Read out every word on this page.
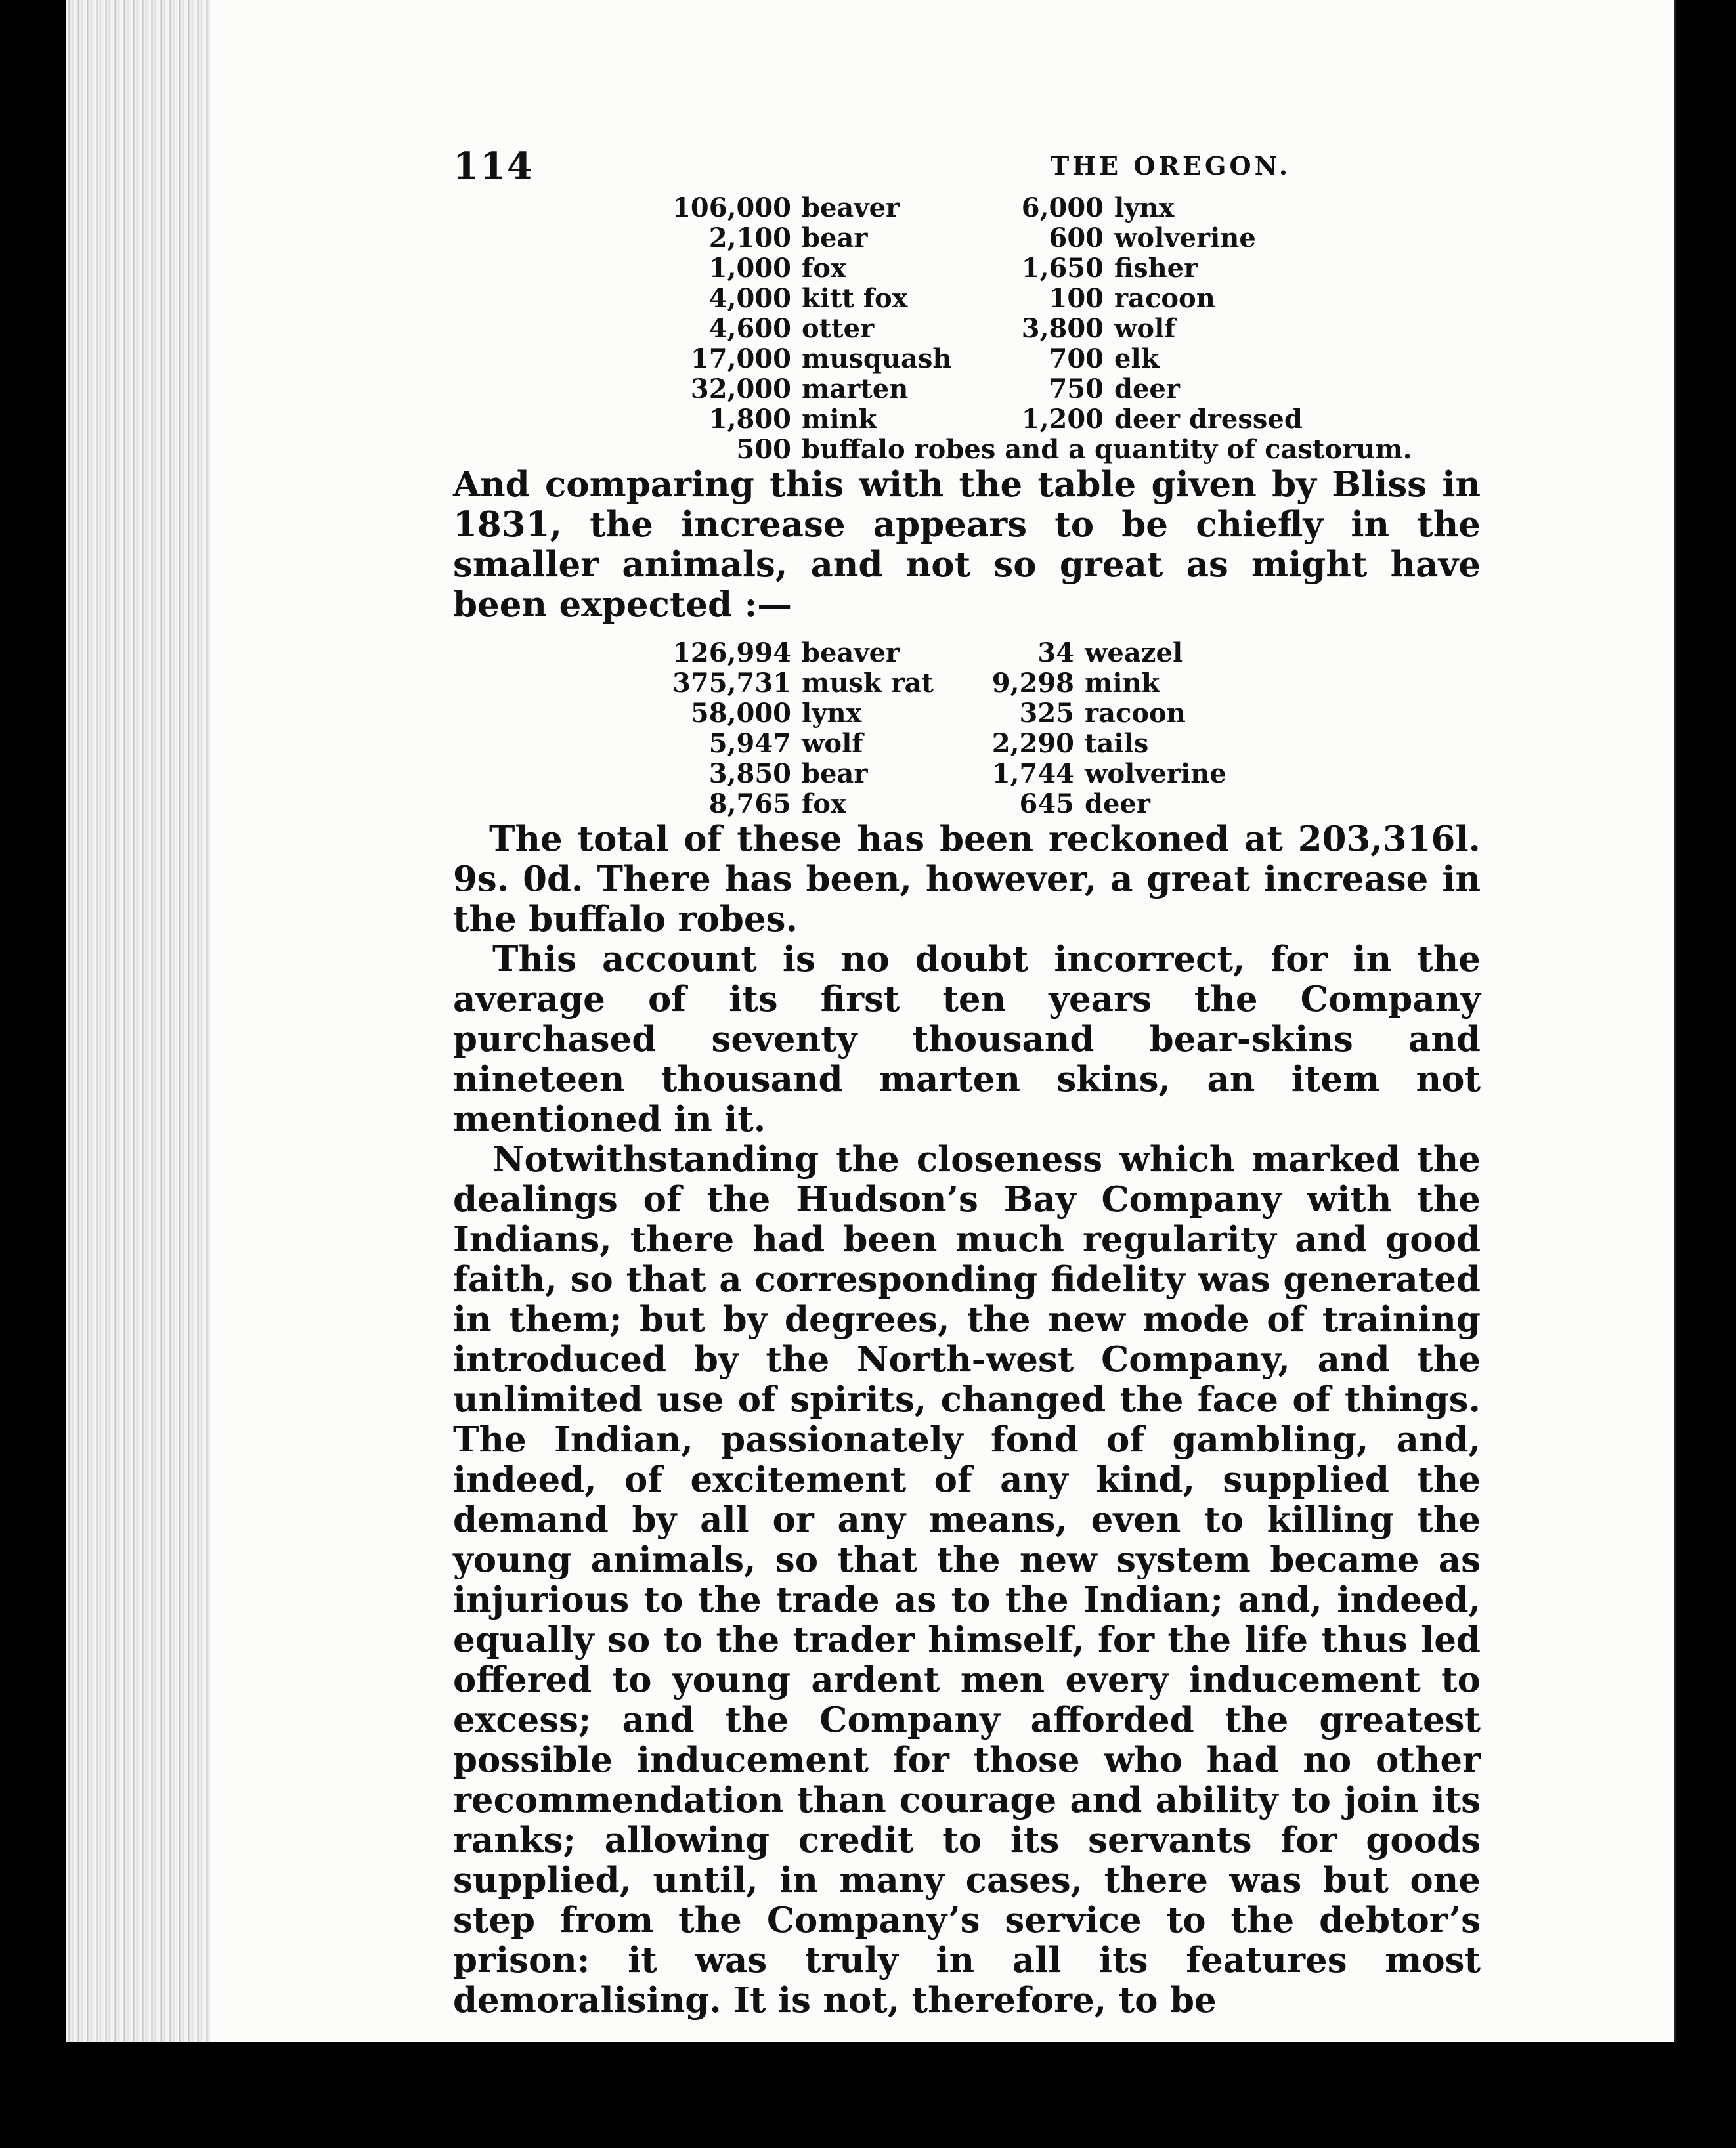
114	THE OREGON.
106,000	beaver	6,000	lynx
2,100	bear	600	wolverine
1,000	fox	1,650	fisher
4,000	kitt fox	100	racoon
4,600	otter	3,800	wolf
17,000	musquash	700	elk
32,000	marten	750	deer
1,800	mink	1,200	deer dressed
500	buffalo robes and a quantity of castorum.		

And comparing this with the table given by Bliss in 1831, the increase appears to be chiefly in the smaller animals, and not so great as might have been expected :—

126,994	beaver	34	weazel
375,731	musk rat	9,298	mink
58,000	lynx	325	racoon
5,947	wolf	2,290	tails
3,850	bear	1,744	wolverine
8,765	fox	645	deer

The total of these has been reckoned at 203,316l. 9s. 0d. There has been, however, a great increase in the buffalo robes.

This account is no doubt incorrect, for in the average of its first ten years the Company purchased seventy thousand bear-skins and nineteen thousand marten skins, an item not mentioned in it.

Notwithstanding the closeness which marked the dealings of the Hudson’s Bay Company with the Indians, there had been much regularity and good faith, so that a corresponding fidelity was generated in them; but by degrees, the new mode of training introduced by the North-west Company, and the unlimited use of spirits, changed the face of things. The Indian, passionately fond of gambling, and, indeed, of excitement of any kind, supplied the demand by all or any means, even to killing the young animals, so that the new system became as injurious to the trade as to the Indian; and, indeed, equally so to the trader himself, for the life thus led offered to young ardent men every inducement to excess; and the Company afforded the greatest possible inducement for those who had no other recommendation than courage and ability to join its ranks; allowing credit to its servants for goods supplied, until, in many cases, there was but one step from the Company’s service to the debtor’s prison: it was truly in all its features most demoralising. It is not, therefore, to be
